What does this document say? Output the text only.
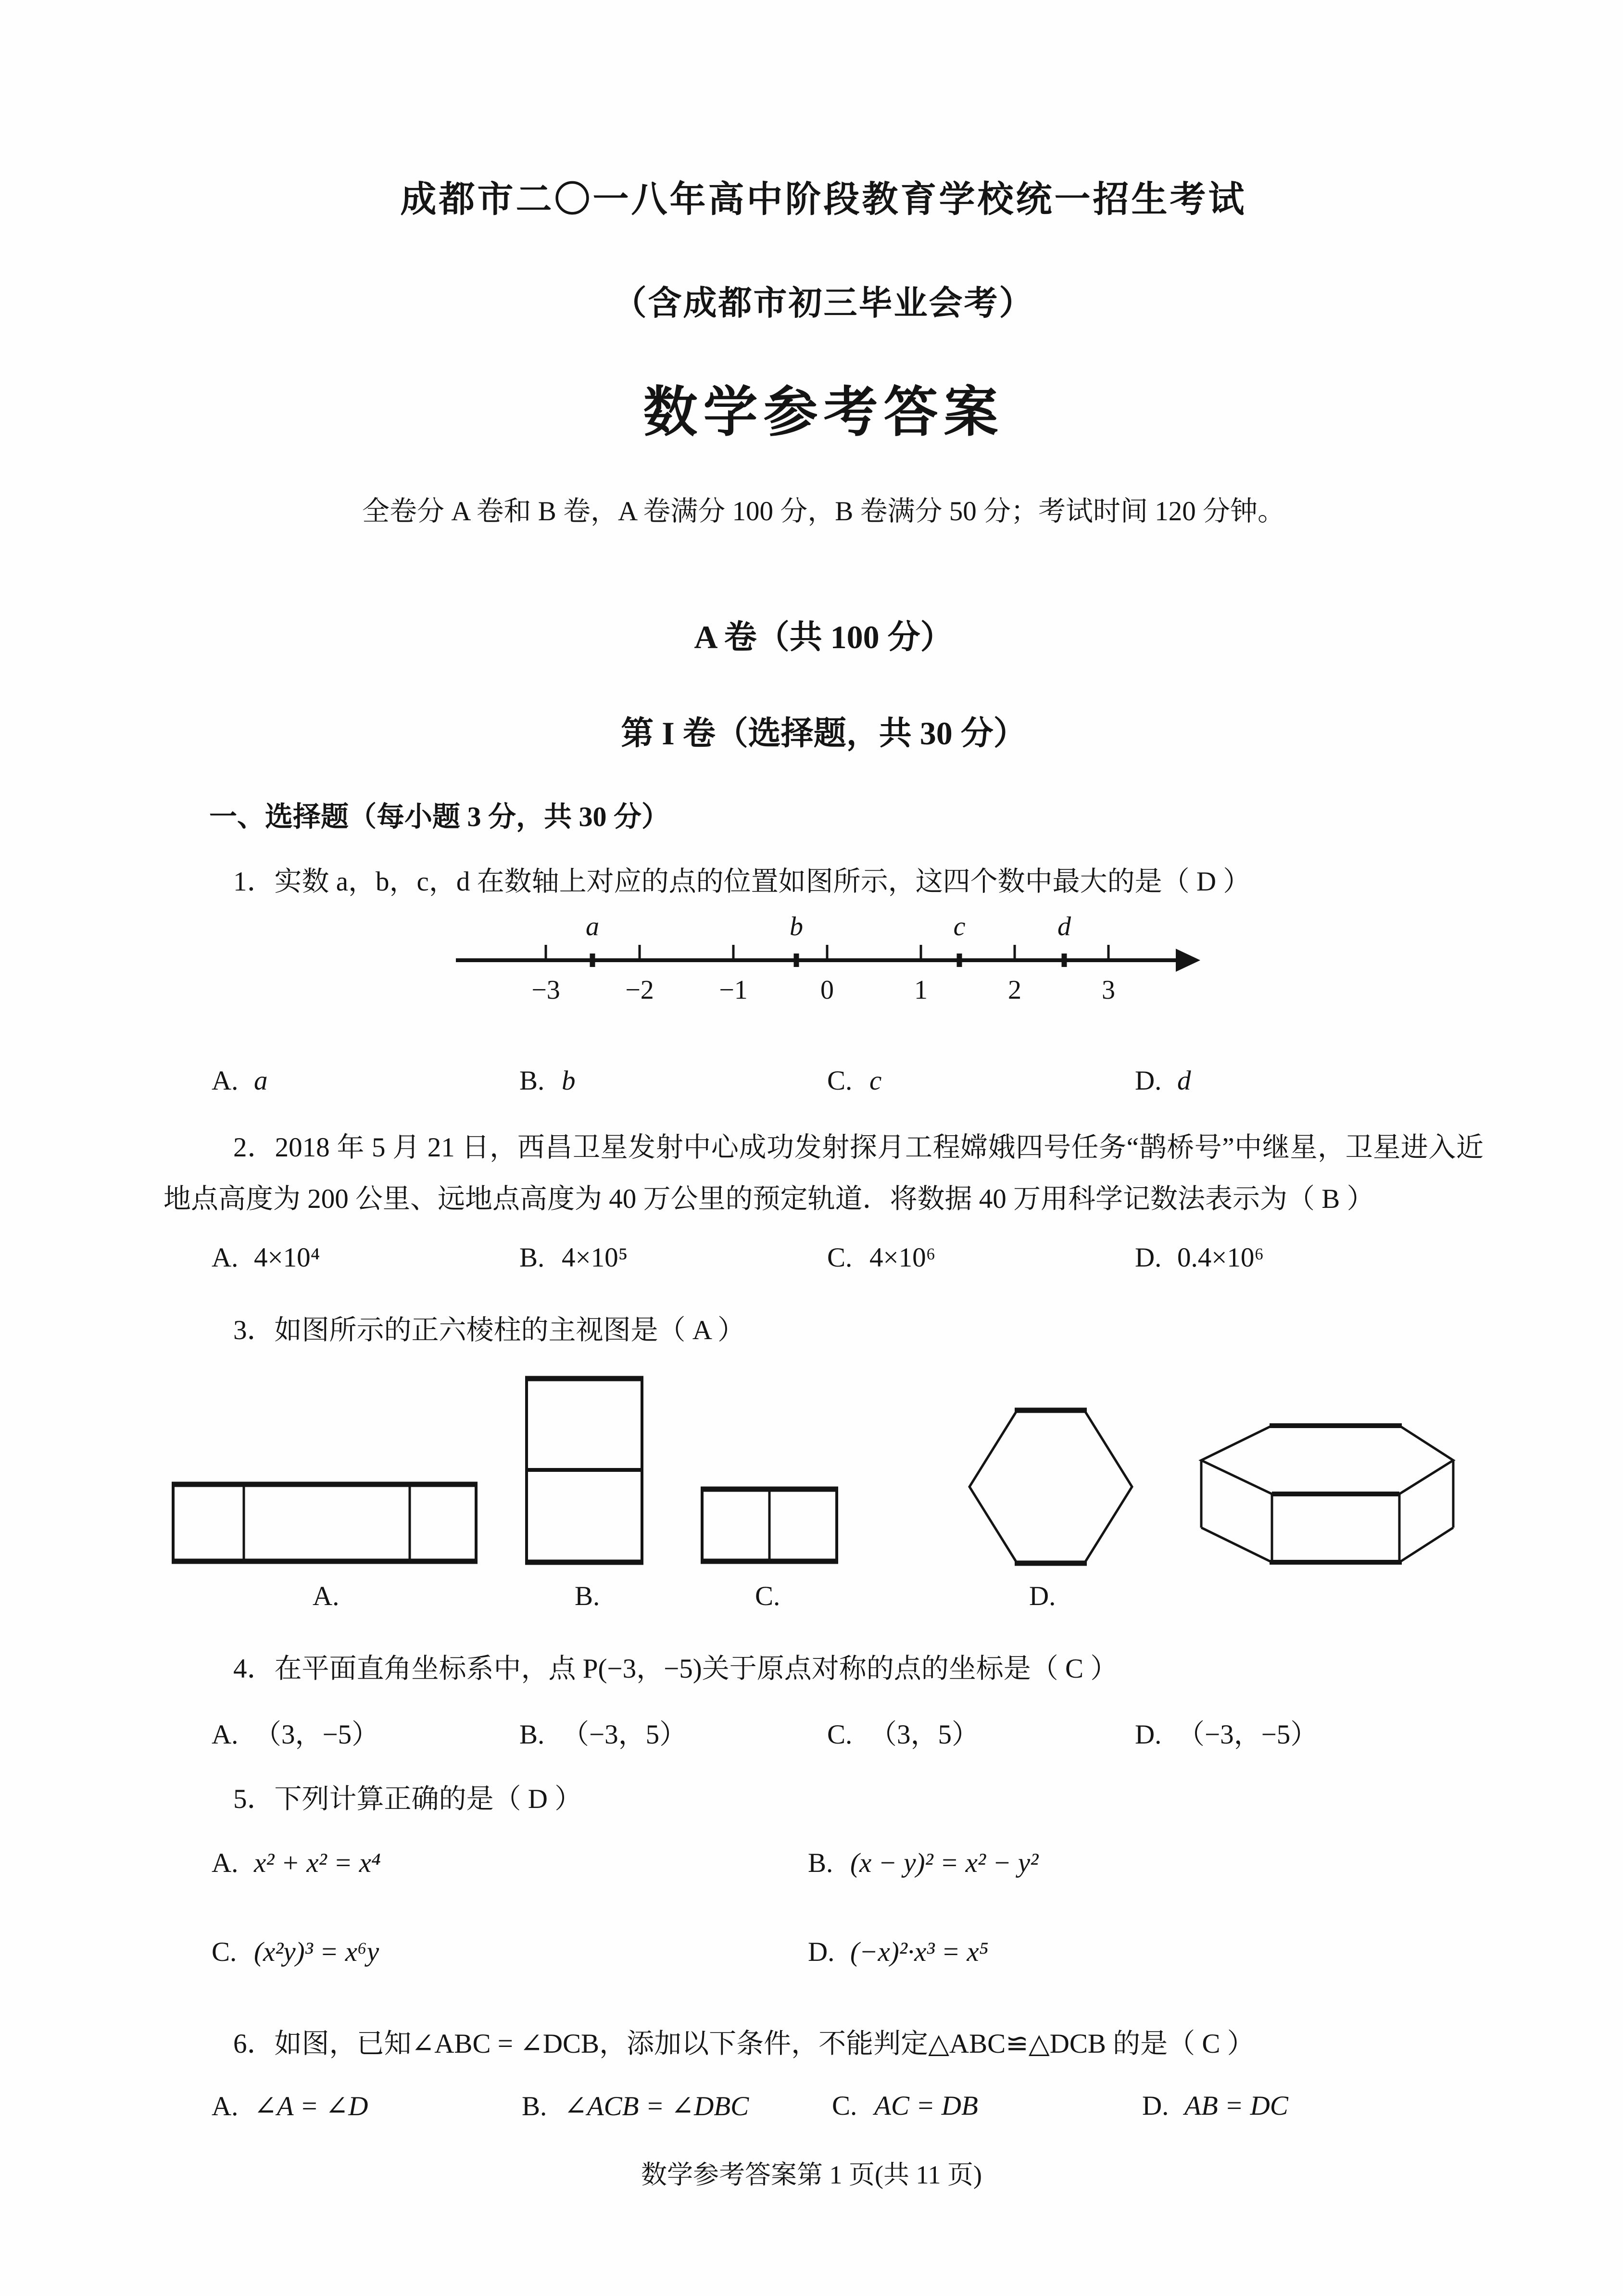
成都市二〇一八年高中阶段教育学校统一招生考试
（含成都市初三毕业会考）
数学参考答案
全卷分 A 卷和 B 卷，A 卷满分 100 分，B 卷满分 50 分；考试时间 120 分钟。
A 卷（共 100 分）
第 I 卷（选择题，共 30 分）
一、选择题（每小题 3 分，共 30 分）
1．实数 a，b，c，d 在数轴上对应的点的位置如图所示，这四个数中最大的是（ D ）
a	b	c	d
−3 −2 −1	0	1	2	3
A. a	B. b	C. c	D. d
2．2018 年 5 月 21 日，西昌卫星发射中心成功发射探月工程嫦娥四号任务“鹊桥号”中继星，卫星进入近地点高度为 200 公里、远地点高度为 40 万公里的预定轨道．将数据 40 万用科学记数法表示为（ B ）
A. 4×10⁴	B. 4×10⁵	C. 4×10⁶	D. 0.4×10⁶
3．如图所示的正六棱柱的主视图是（ A ）
A.	B.	C.	D.
4．在平面直角坐标系中，点 P(−3，−5)关于原点对称的点的坐标是（ C ）
A. （3，−5）	B. （−3，5）	C. （3，5）	D. （−3，−5）
5．下列计算正确的是（ D ）
A. x² + x² = x⁴	B. (x − y)² = x² − y²
C. (x²y)³ = x⁶y	D. (−x)²·x³ = x⁵
6．如图，已知∠ABC = ∠DCB，添加以下条件，不能判定△ABC≌△DCB 的是（ C ）
A. ∠A = ∠D	B. ∠ACB = ∠DBC	C. AC = DB	D. AB = DC
数学参考答案第 1 页(共 11 页)
